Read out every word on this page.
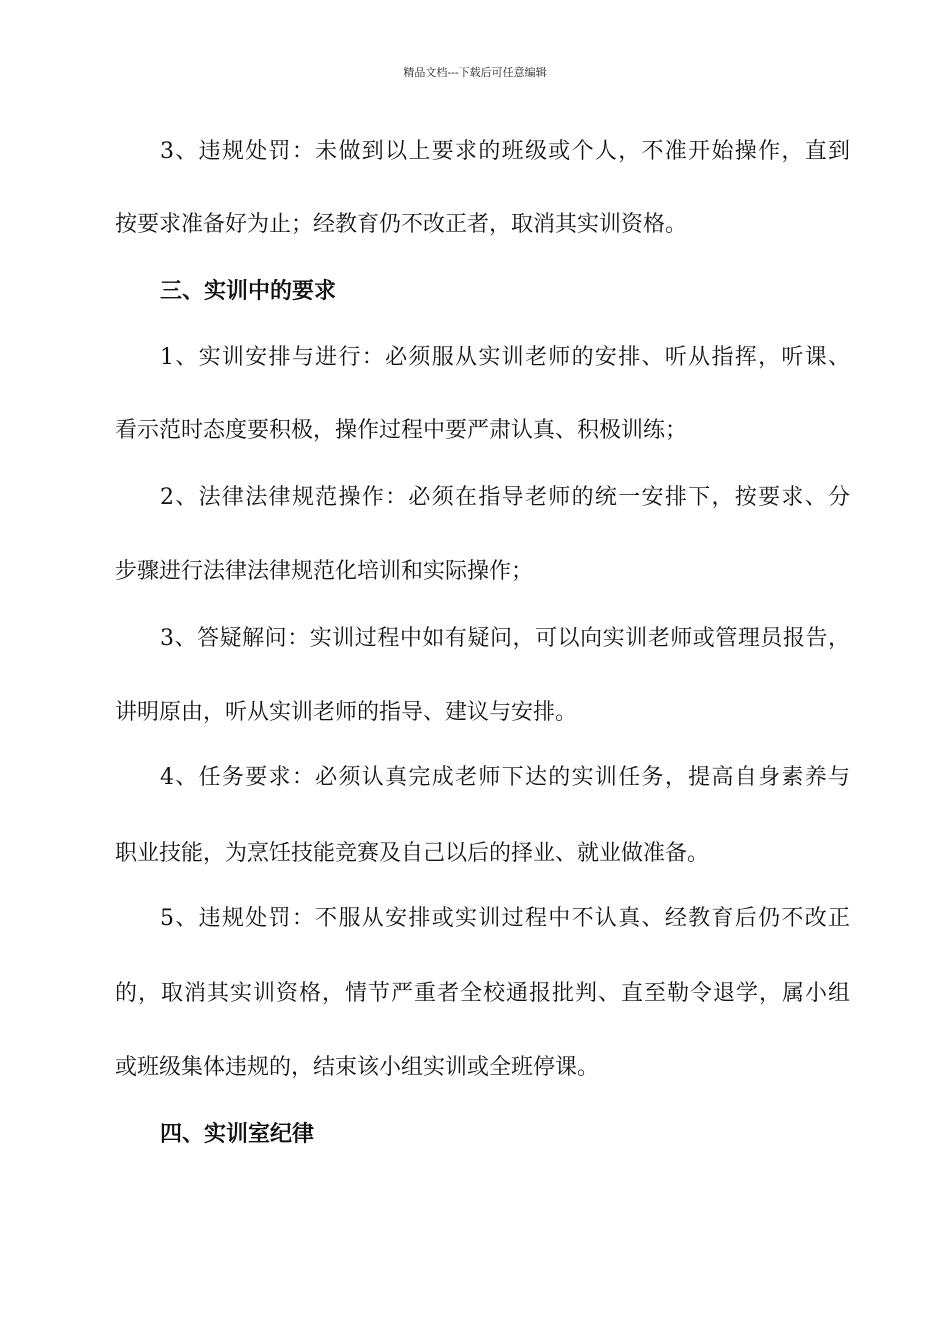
精品文档---下载后可任意编辑
3、违规处罚：未做到以上要求的班级或个人，不准开始操作，直到
按要求准备好为止；经教育仍不改正者，取消其实训资格。
三、实训中的要求
1、实训安排与进行：必须服从实训老师的安排、听从指挥，听课、
看示范时态度要积极，操作过程中要严肃认真、积极训练；
2、法律法律规范操作：必须在指导老师的统一安排下，按要求、分
步骤进行法律法律规范化培训和实际操作；
3、答疑解问：实训过程中如有疑问，可以向实训老师或管理员报告，
讲明原由，听从实训老师的指导、建议与安排。
4、任务要求：必须认真完成老师下达的实训任务，提高自身素养与
职业技能，为烹饪技能竞赛及自己以后的择业、就业做准备。
5、违规处罚：不服从安排或实训过程中不认真、经教育后仍不改正
的，取消其实训资格，情节严重者全校通报批判、直至勒令退学，属小组
或班级集体违规的，结束该小组实训或全班停课。
四、实训室纪律
